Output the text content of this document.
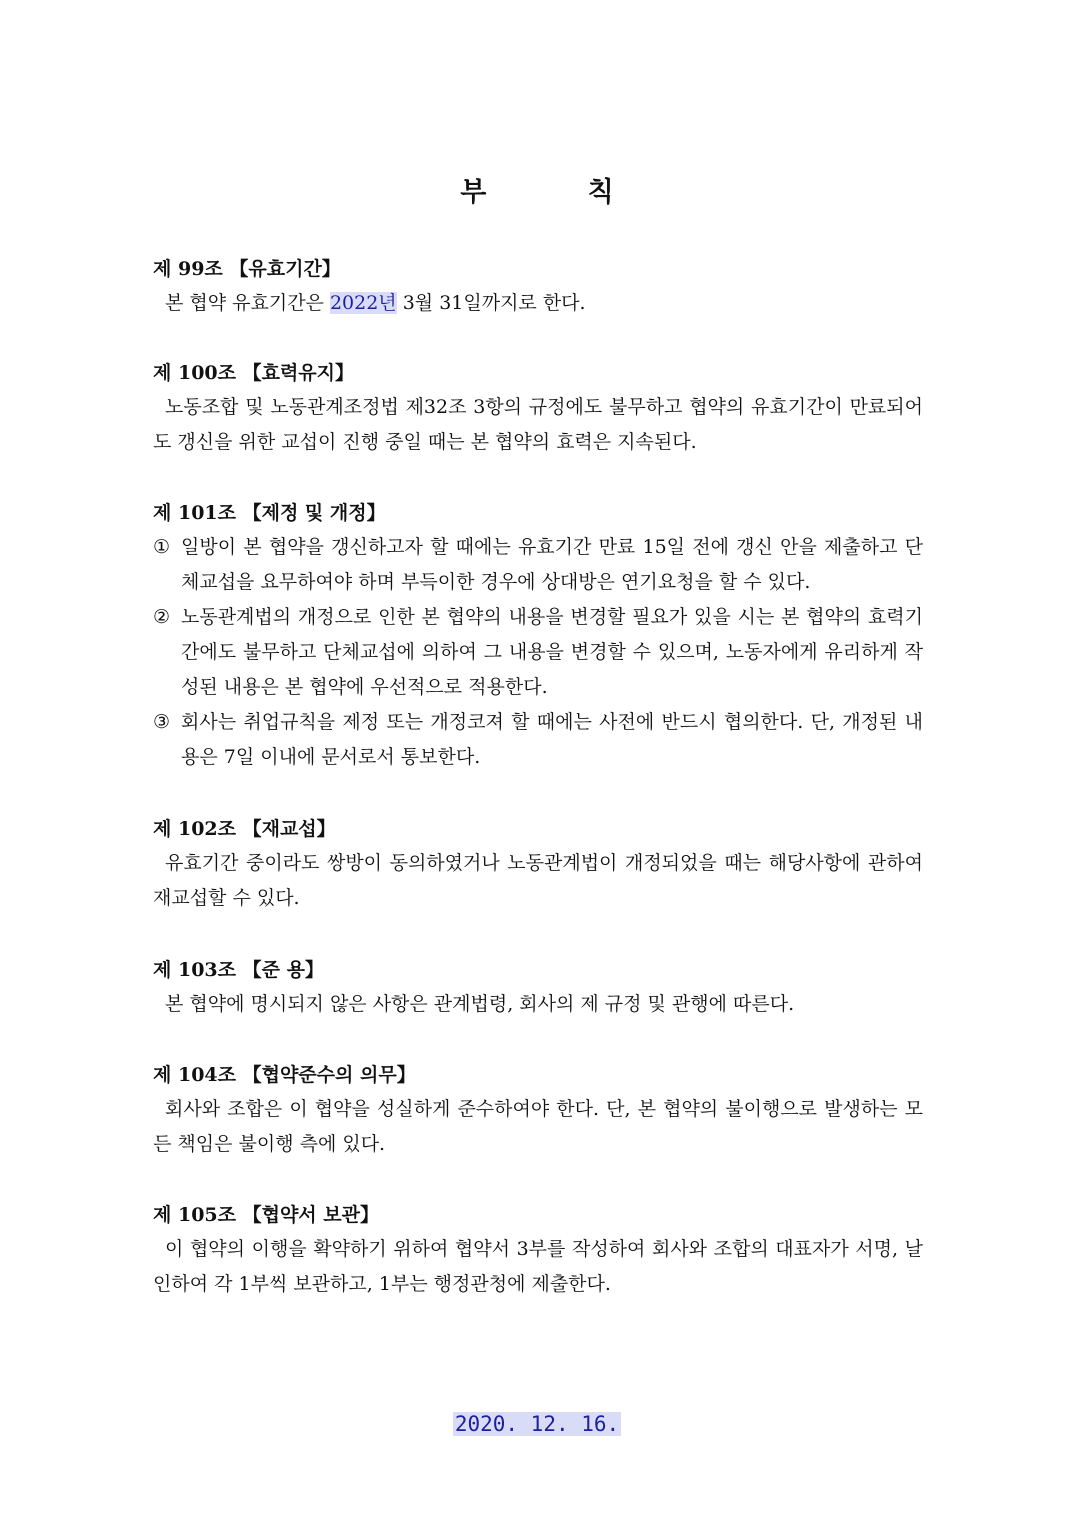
부 칙
제 99조 【유효기간】
본 협약 유효기간은 2022년 3월 31일까지로 한다.
제 100조 【효력유지】
노동조합 및 노동관계조정법 제32조 3항의 규정에도 불무하고 협약의 유효기간이 만료되어도 갱신을 위한 교섭이 진행 중일 때는 본 협약의 효력은 지속된다.
제 101조 【제정 및 개정】
① 일방이 본 협약을 갱신하고자 할 때에는 유효기간 만료 15일 전에 갱신 안을 제출하고 단체교섭을 요무하여야 하며 부득이한 경우에 상대방은 연기요청을 할 수 있다.
② 노동관계법의 개정으로 인한 본 협약의 내용을 변경할 필요가 있을 시는 본 협약의 효력기간에도 불무하고 단체교섭에 의하여 그 내용을 변경할 수 있으며, 노동자에게 유리하게 작성된 내용은 본 협약에 우선적으로 적용한다.
③ 회사는 취업규칙을 제정 또는 개정코져 할 때에는 사전에 반드시 협의한다. 단, 개정된 내용은 7일 이내에 문서로서 통보한다.
제 102조 【재교섭】
유효기간 중이라도 쌍방이 동의하였거나 노동관계법이 개정되었을 때는 해당사항에 관하여 재교섭할 수 있다.
제 103조 【준 용】
본 협약에 명시되지 않은 사항은 관계법령, 회사의 제 규정 및 관행에 따른다.
제 104조 【협약준수의 의무】
회사와 조합은 이 협약을 성실하게 준수하여야 한다. 단, 본 협약의 불이행으로 발생하는 모든 책임은 불이행 측에 있다.
제 105조 【협약서 보관】
이 협약의 이행을 확약하기 위하여 협약서 3부를 작성하여 회사와 조합의 대표자가 서명, 날인하여 각 1부씩 보관하고, 1부는 행정관청에 제출한다.
2020. 12. 16.
